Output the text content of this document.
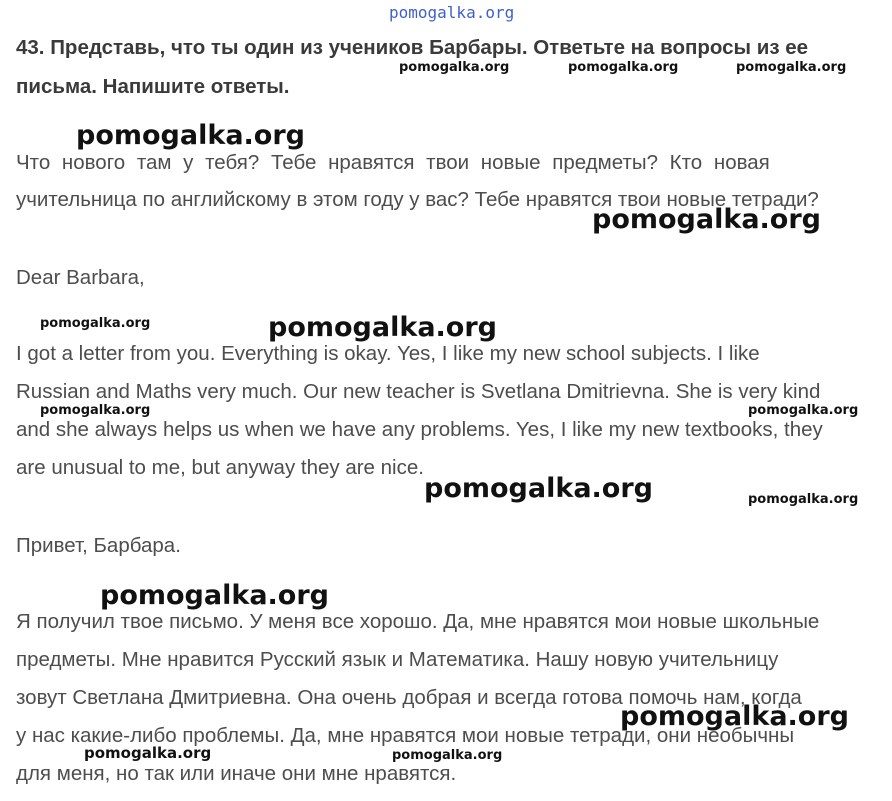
pomogalka.org
43. Представь, что ты один из учеников Барбары. Ответьте на вопросы из ее
письма. Напишите ответы.
Что нового там у тебя? Тебе нравятся твои новые предметы? Кто новая
учительница по английскому в этом году у вас? Тебе нравятся твои новые тетради?
Dear Barbara,
I got a letter from you. Everything is okay. Yes, I like my new school subjects. I like
Russian and Maths very much. Our new teacher is Svetlana Dmitrievna. She is very kind
and she always helps us when we have any problems. Yes, I like my new textbooks, they
are unusual to me, but anyway they are nice.
Привет, Барбара.
Я получил твое письмо. У меня все хорошо. Да, мне нравятся мои новые школьные
предметы. Мне нравится Русский язык и Математика. Нашу новую учительницу
зовут Светлана Дмитриевна. Она очень добрая и всегда готова помочь нам, когда
у нас какие-либо проблемы. Да, мне нравятся мои новые тетради, они необычны
для меня, но так или иначе они мне нравятся.
pomogalka.org	pomogalka.org	pomogalka.org
pomogalka.org
pomogalka.org
pomogalka.org	pomogalka.org
pomogalka.org	pomogalka.org
pomogalka.org	pomogalka.org
pomogalka.org
pomogalka.org
pomogalka.org	pomogalka.org
